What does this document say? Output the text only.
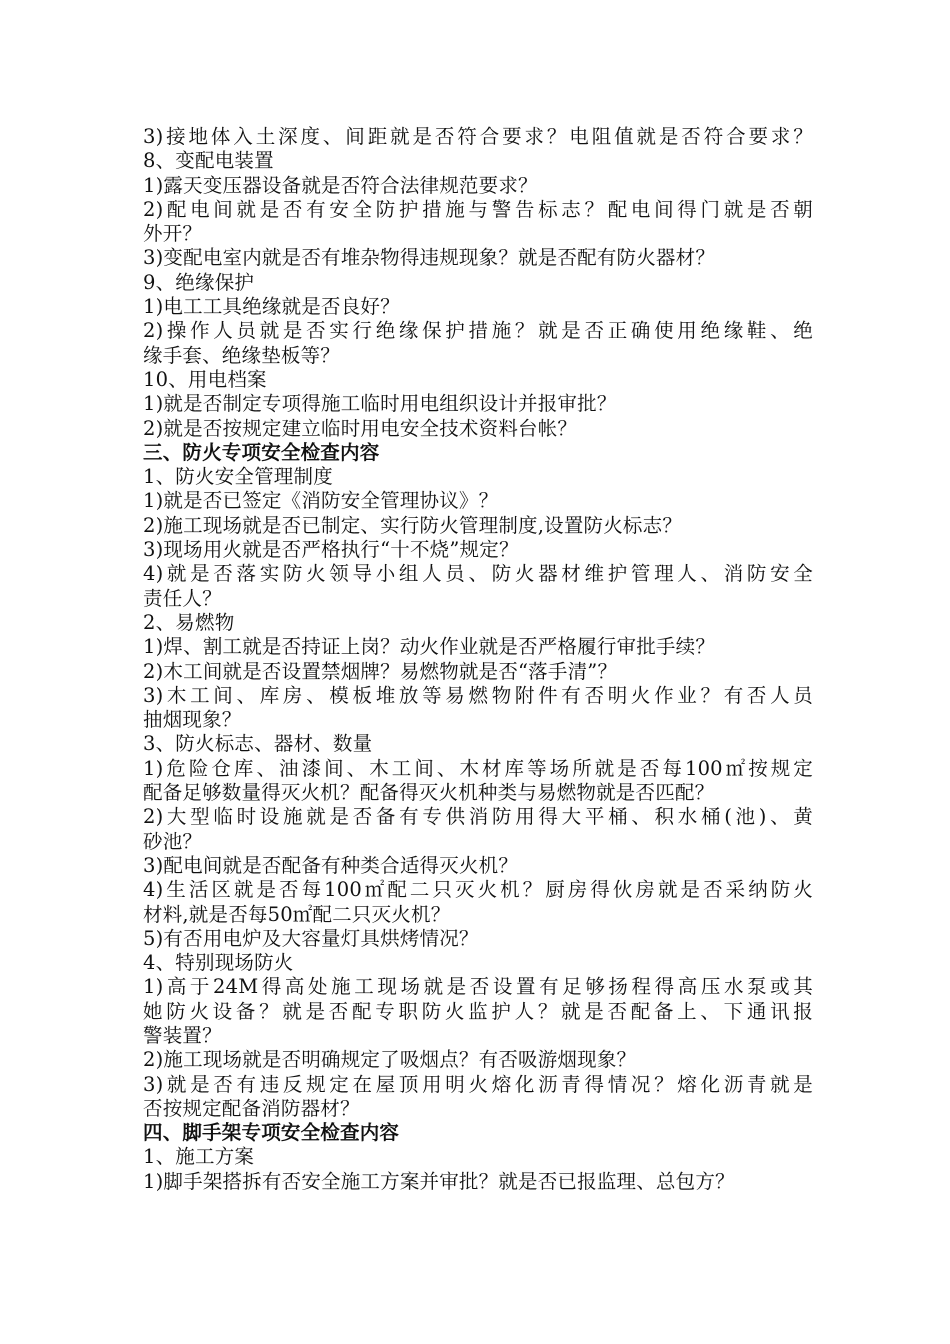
3)接地体入土深度、间距就是否符合要求？电阻值就是否符合要求？
8、变配电装置
1)露天变压器设备就是否符合法律规范要求？
2)配电间就是否有安全防护措施与警告标志？配电间得门就是否朝
外开？
3)变配电室内就是否有堆杂物得违规现象？就是否配有防火器材？
9、绝缘保护
1)电工工具绝缘就是否良好？
2)操作人员就是否实行绝缘保护措施？就是否正确使用绝缘鞋、绝
缘手套、绝缘垫板等？
10、用电档案
1)就是否制定专项得施工临时用电组织设计并报审批？
2)就是否按规定建立临时用电安全技术资料台帐？
三、防火专项安全检查内容
1、防火安全管理制度
1)就是否已签定《消防安全管理协议》？
2)施工现场就是否已制定、实行防火管理制度,设置防火标志？
3)现场用火就是否严格执行“十不烧”规定？
4)就是否落实防火领导小组人员、防火器材维护管理人、消防安全
责任人？
2、易燃物
1)焊、割工就是否持证上岗？动火作业就是否严格履行审批手续？
2)木工间就是否设置禁烟牌？易燃物就是否“落手清”？
3)木工间、库房、模板堆放等易燃物附件有否明火作业？有否人员
抽烟现象？
3、防火标志、器材、数量
1)危险仓库、油漆间、木工间、木材库等场所就是否每100㎡按规定
配备足够数量得灭火机？配备得灭火机种类与易燃物就是否匹配？
2)大型临时设施就是否备有专供消防用得大平桶、积水桶(池)、黄
砂池？
3)配电间就是否配备有种类合适得灭火机？
4)生活区就是否每100㎡配二只灭火机？厨房得伙房就是否采纳防火
材料,就是否每50㎡配二只灭火机？
5)有否用电炉及大容量灯具烘烤情况？
4、特别现场防火
1)高于24M得高处施工现场就是否设置有足够扬程得高压水泵或其
她防火设备？就是否配专职防火监护人？就是否配备上、下通讯报
警装置？
2)施工现场就是否明确规定了吸烟点？有否吸游烟现象？
3)就是否有违反规定在屋顶用明火熔化沥青得情况？熔化沥青就是
否按规定配备消防器材？
四、脚手架专项安全检查内容
1、施工方案
1)脚手架搭拆有否安全施工方案并审批？就是否已报监理、总包方？
